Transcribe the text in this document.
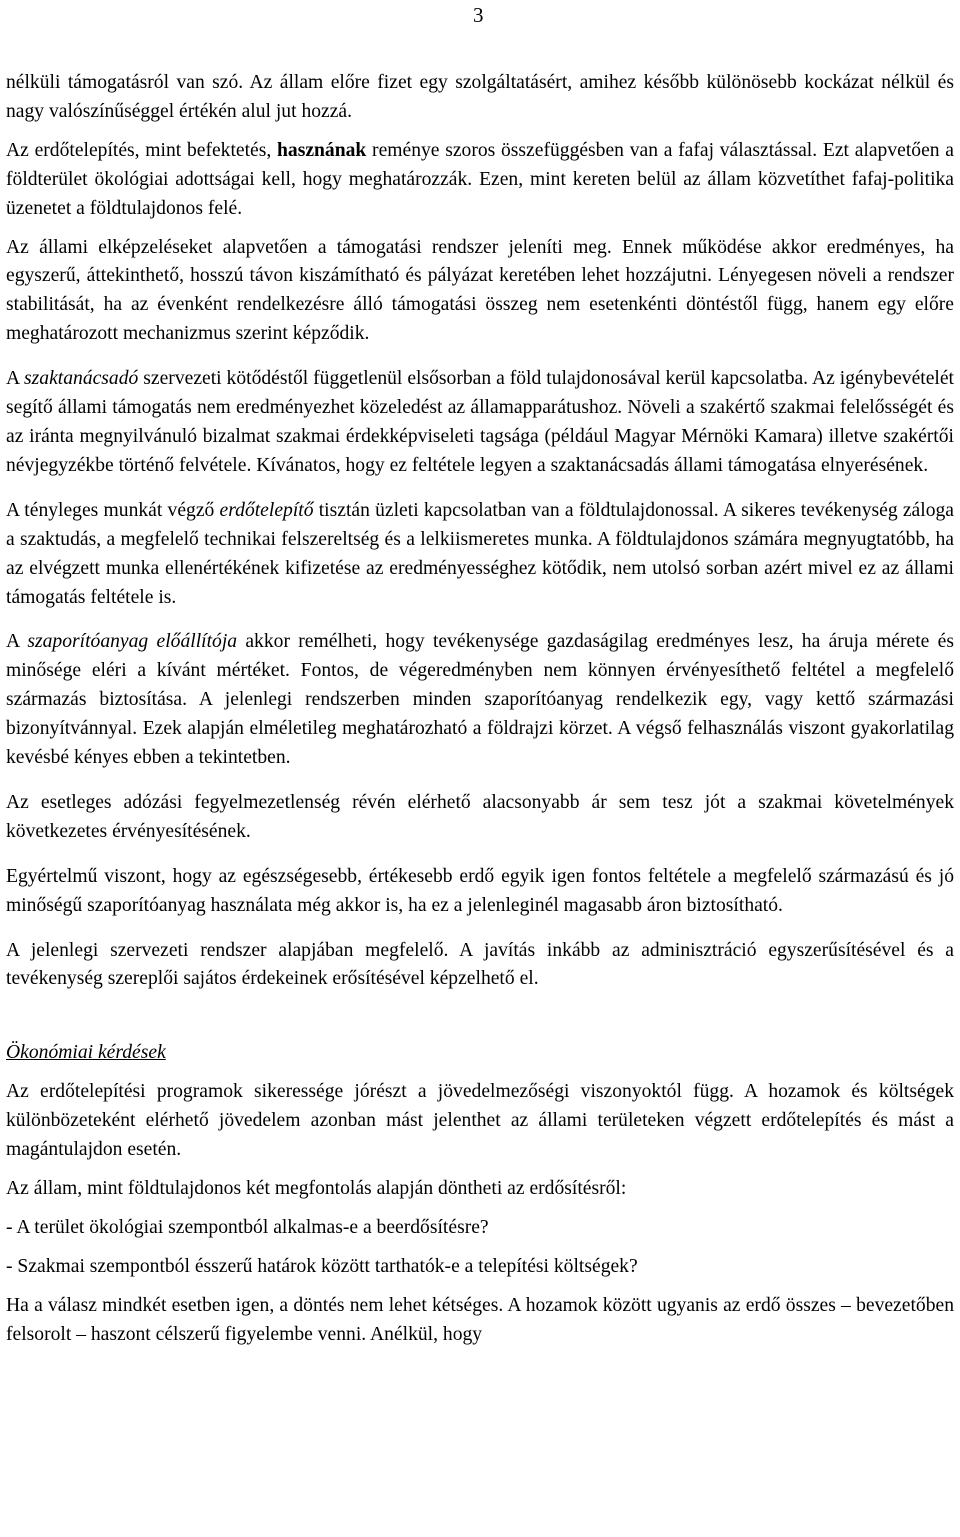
3

nélküli támogatásról van szó. Az állam előre fizet egy szolgáltatásért, amihez később különösebb kockázat nélkül és nagy valószínűséggel értékén alul jut hozzá.

Az erdőtelepítés, mint befektetés, hasznának reménye szoros összefüggésben van a fafaj választással. Ezt alapvetően a földterület ökológiai adottságai kell, hogy meghatározzák. Ezen, mint kereten belül az állam közvetíthet fafaj-politika üzenetet a földtulajdonos felé.

Az állami elképzeléseket alapvetően a támogatási rendszer jeleníti meg. Ennek működése akkor eredményes, ha egyszerű, áttekinthető, hosszú távon kiszámítható és pályázat keretében lehet hozzájutni. Lényegesen növeli a rendszer stabilitását, ha az évenként rendelkezésre álló támogatási összeg nem esetenkénti döntéstől függ, hanem egy előre meghatározott mechanizmus szerint képződik.

A szaktanácsadó szervezeti kötődéstől függetlenül elsősorban a föld tulajdonosával kerül kapcsolatba. Az igénybevételét segítő állami támogatás nem eredményezhet közeledést az államapparátushoz. Növeli a szakértő szakmai felelősségét és az iránta megnyilvánuló bizalmat szakmai érdekképviseleti tagsága (például Magyar Mérnöki Kamara) illetve szakértői névjegyzékbe történő felvétele. Kívánatos, hogy ez feltétele legyen a szaktanácsadás állami támogatása elnyerésének.

A tényleges munkát végző erdőtelepítő tisztán üzleti kapcsolatban van a földtulajdonossal. A sikeres tevékenység záloga a szaktudás, a megfelelő technikai felszereltség és a lelkiismeretes munka. A földtulajdonos számára megnyugtatóbb, ha az elvégzett munka ellenértékének kifizetése az eredményességhez kötődik, nem utolsó sorban azért mivel ez az állami támogatás feltétele is.

A szaporítóanyag előállítója akkor remélheti, hogy tevékenysége gazdaságilag eredményes lesz, ha áruja mérete és minősége eléri a kívánt mértéket. Fontos, de végeredményben nem könnyen érvényesíthető feltétel a megfelelő származás biztosítása. A jelenlegi rendszerben minden szaporítóanyag rendelkezik egy, vagy kettő származási bizonyítvánnyal. Ezek alapján elméletileg meghatározható a földrajzi körzet. A végső felhasználás viszont gyakorlatilag kevésbé kényes ebben a tekintetben.

Az esetleges adózási fegyelmezetlenség révén elérhető alacsonyabb ár sem tesz jót a szakmai követelmények következetes érvényesítésének.

Egyértelmű viszont, hogy az egészségesebb, értékesebb erdő egyik igen fontos feltétele a megfelelő származású és jó minőségű szaporítóanyag használata még akkor is, ha ez a jelenleginél magasabb áron biztosítható.

A jelenlegi szervezeti rendszer alapjában megfelelő. A javítás inkább az adminisztráció egyszerűsítésével és a tevékenység szereplői sajátos érdekeinek erősítésével képzelhető el.

Ökonómiai kérdések

Az erdőtelepítési programok sikeressége jórészt a jövedelmezőségi viszonyoktól függ. A hozamok és költségek különbözeteként elérhető jövedelem azonban mást jelenthet az állami területeken végzett erdőtelepítés és mást a magántulajdon esetén.

Az állam, mint földtulajdonos két megfontolás alapján döntheti az erdősítésről:

- A terület ökológiai szempontból alkalmas-e a beerdősítésre?

- Szakmai szempontból ésszerű határok között tarthatók-e a telepítési költségek?

Ha a válasz mindkét esetben igen, a döntés nem lehet kétséges. A hozamok között ugyanis az erdő összes – bevezetőben felsorolt – haszont célszerű figyelembe venni. Anélkül, hogy
